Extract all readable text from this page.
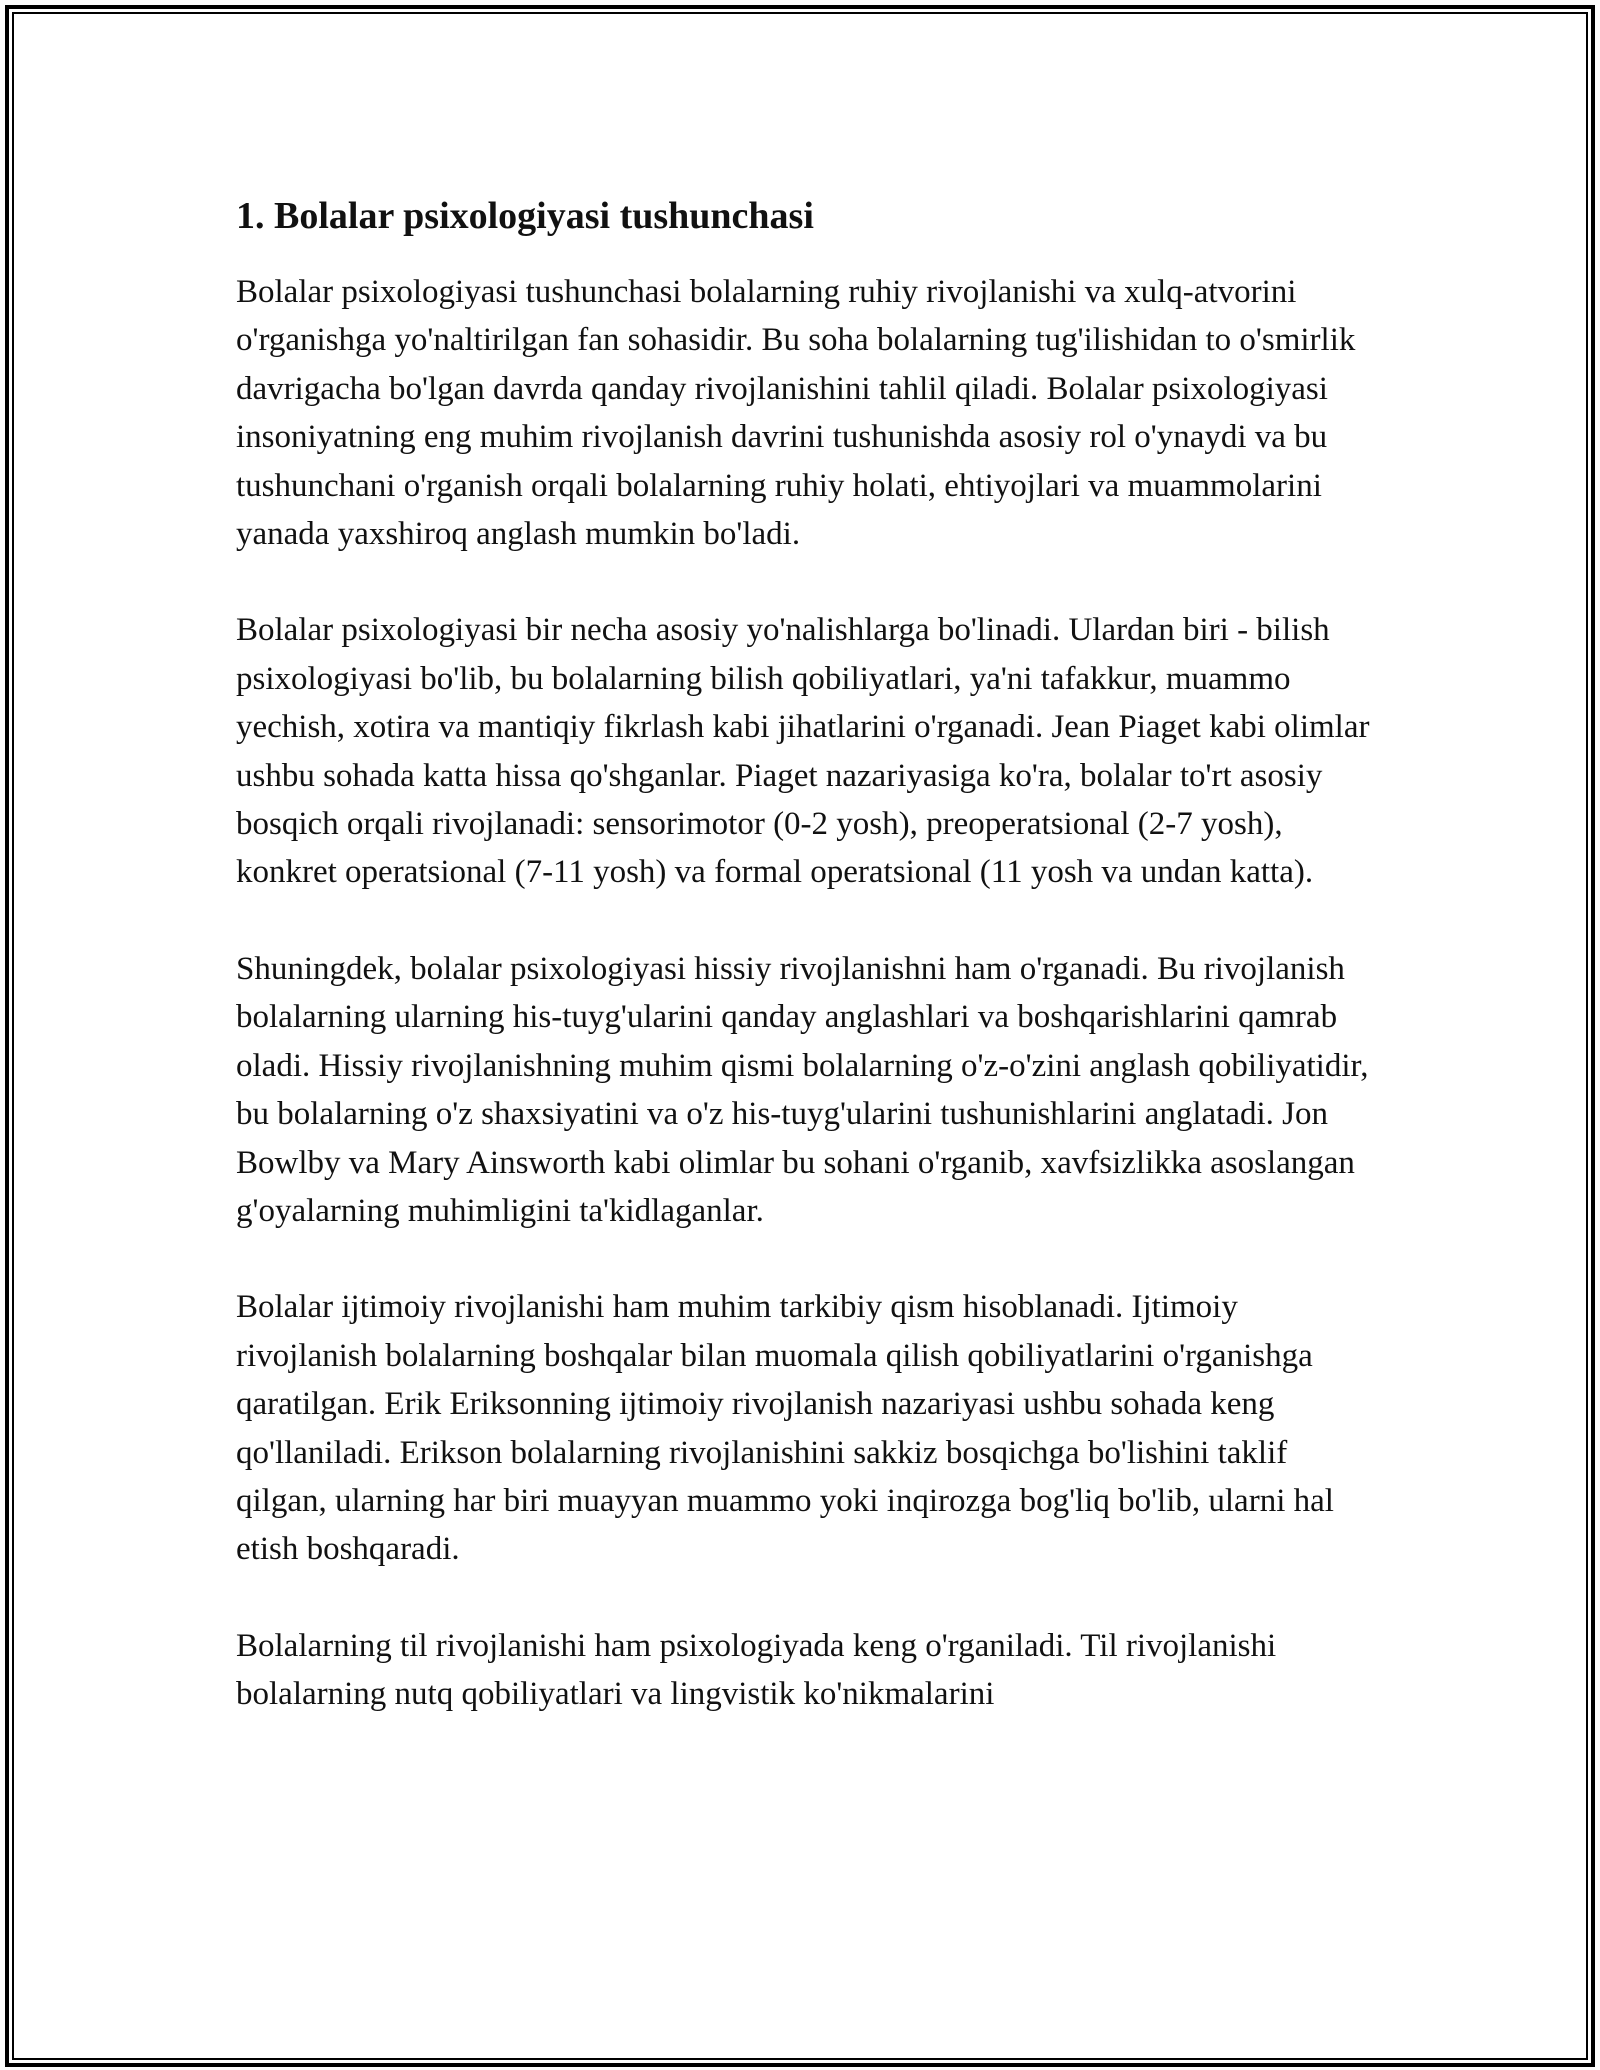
1. Bolalar psixologiyasi tushunchasi

Bolalar psixologiyasi tushunchasi bolalarning ruhiy rivojlanishi va xulq-atvorini o'rganishga yo'naltirilgan fan sohasidir. Bu soha bolalarning tug'ilishidan to o'smirlik davrigacha bo'lgan davrda qanday rivojlanishini tahlil qiladi. Bolalar psixologiyasi insoniyatning eng muhim rivojlanish davrini tushunishda asosiy rol o'ynaydi va bu tushunchani o'rganish orqali bolalarning ruhiy holati, ehtiyojlari va muammolarini yanada yaxshiroq anglash mumkin bo'ladi.

Bolalar psixologiyasi bir necha asosiy yo'nalishlarga bo'linadi. Ulardan biri - bilish psixologiyasi bo'lib, bu bolalarning bilish qobiliyatlari, ya'ni tafakkur, muammo yechish, xotira va mantiqiy fikrlash kabi jihatlarini o'rganadi. Jean Piaget kabi olimlar ushbu sohada katta hissa qo'shganlar. Piaget nazariyasiga ko'ra, bolalar to'rt asosiy bosqich orqali rivojlanadi: sensorimotor (0-2 yosh), preoperatsional (2-7 yosh), konkret operatsional (7-11 yosh) va formal operatsional (11 yosh va undan katta).

Shuningdek, bolalar psixologiyasi hissiy rivojlanishni ham o'rganadi. Bu rivojlanish bolalarning ularning his-tuyg'ularini qanday anglashlari va boshqarishlarini qamrab oladi. Hissiy rivojlanishning muhim qismi bolalarning o'z-o'zini anglash qobiliyatidir, bu bolalarning o'z shaxsiyatini va o'z his-tuyg'ularini tushunishlarini anglatadi. Jon Bowlby va Mary Ainsworth kabi olimlar bu sohani o'rganib, xavfsizlikka asoslangan g'oyalarning muhimligini ta'kidlaganlar.

Bolalar ijtimoiy rivojlanishi ham muhim tarkibiy qism hisoblanadi. Ijtimoiy rivojlanish bolalarning boshqalar bilan muomala qilish qobiliyatlarini o'rganishga qaratilgan. Erik Eriksonning ijtimoiy rivojlanish nazariyasi ushbu sohada keng qo'llaniladi. Erikson bolalarning rivojlanishini sakkiz bosqichga bo'lishini taklif qilgan, ularning har biri muayyan muammo yoki inqirozga bog'liq bo'lib, ularni hal etish boshqaradi.

Bolalarning til rivojlanishi ham psixologiyada keng o'rganiladi. Til rivojlanishi bolalarning nutq qobiliyatlari va lingvistik ko'nikmalarini
